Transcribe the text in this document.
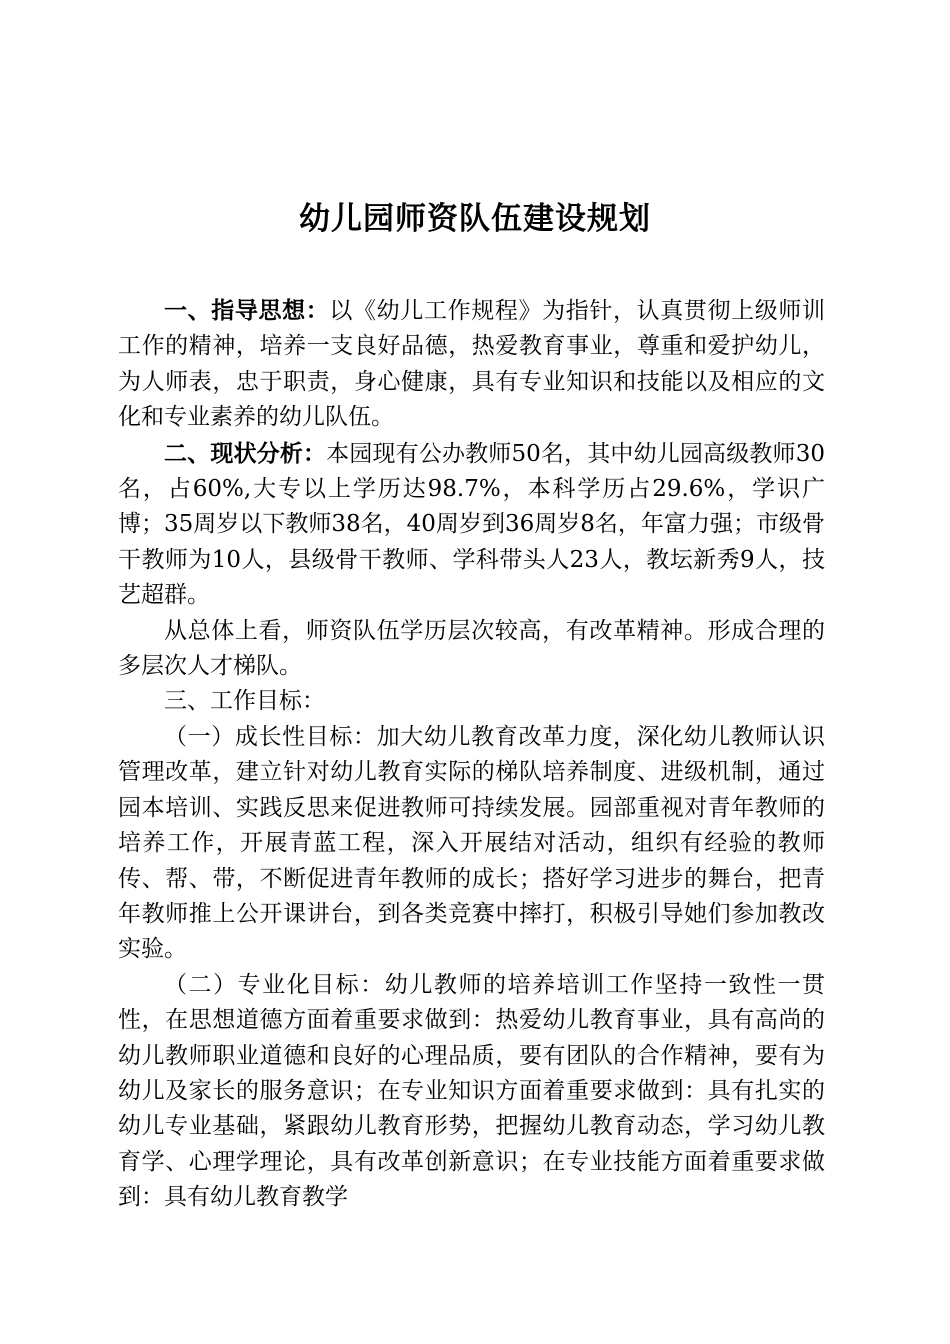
幼儿园师资队伍建设规划

一、指导思想：以《幼儿工作规程》为指针，认真贯彻上级师训工作的精神，培养一支良好品德，热爱教育事业，尊重和爱护幼儿，为人师表，忠于职责，身心健康，具有专业知识和技能以及相应的文化和专业素养的幼儿队伍。

二、现状分析：本园现有公办教师50名，其中幼儿园高级教师30名，占60%,大专以上学历达98.7%，本科学历占29.6%，学识广博；35周岁以下教师38名，40周岁到36周岁8名，年富力强；市级骨干教师为10人，县级骨干教师、学科带头人23人，教坛新秀9人，技艺超群。

从总体上看，师资队伍学历层次较高，有改革精神。形成合理的多层次人才梯队。

三、工作目标：

（一）成长性目标：加大幼儿教育改革力度，深化幼儿教师认识管理改革，建立针对幼儿教育实际的梯队培养制度、进级机制，通过园本培训、实践反思来促进教师可持续发展。园部重视对青年教师的培养工作，开展青蓝工程，深入开展结对活动，组织有经验的教师传、帮、带，不断促进青年教师的成长；搭好学习进步的舞台，把青年教师推上公开课讲台，到各类竞赛中摔打，积极引导她们参加教改实验。

（二）专业化目标：幼儿教师的培养培训工作坚持一致性一贯性，在思想道德方面着重要求做到：热爱幼儿教育事业，具有高尚的幼儿教师职业道德和良好的心理品质，要有团队的合作精神，要有为幼儿及家长的服务意识；在专业知识方面着重要求做到：具有扎实的幼儿专业基础，紧跟幼儿教育形势，把握幼儿教育动态，学习幼儿教育学、心理学理论，具有改革创新意识；在专业技能方面着重要求做到：具有幼儿教育教学
